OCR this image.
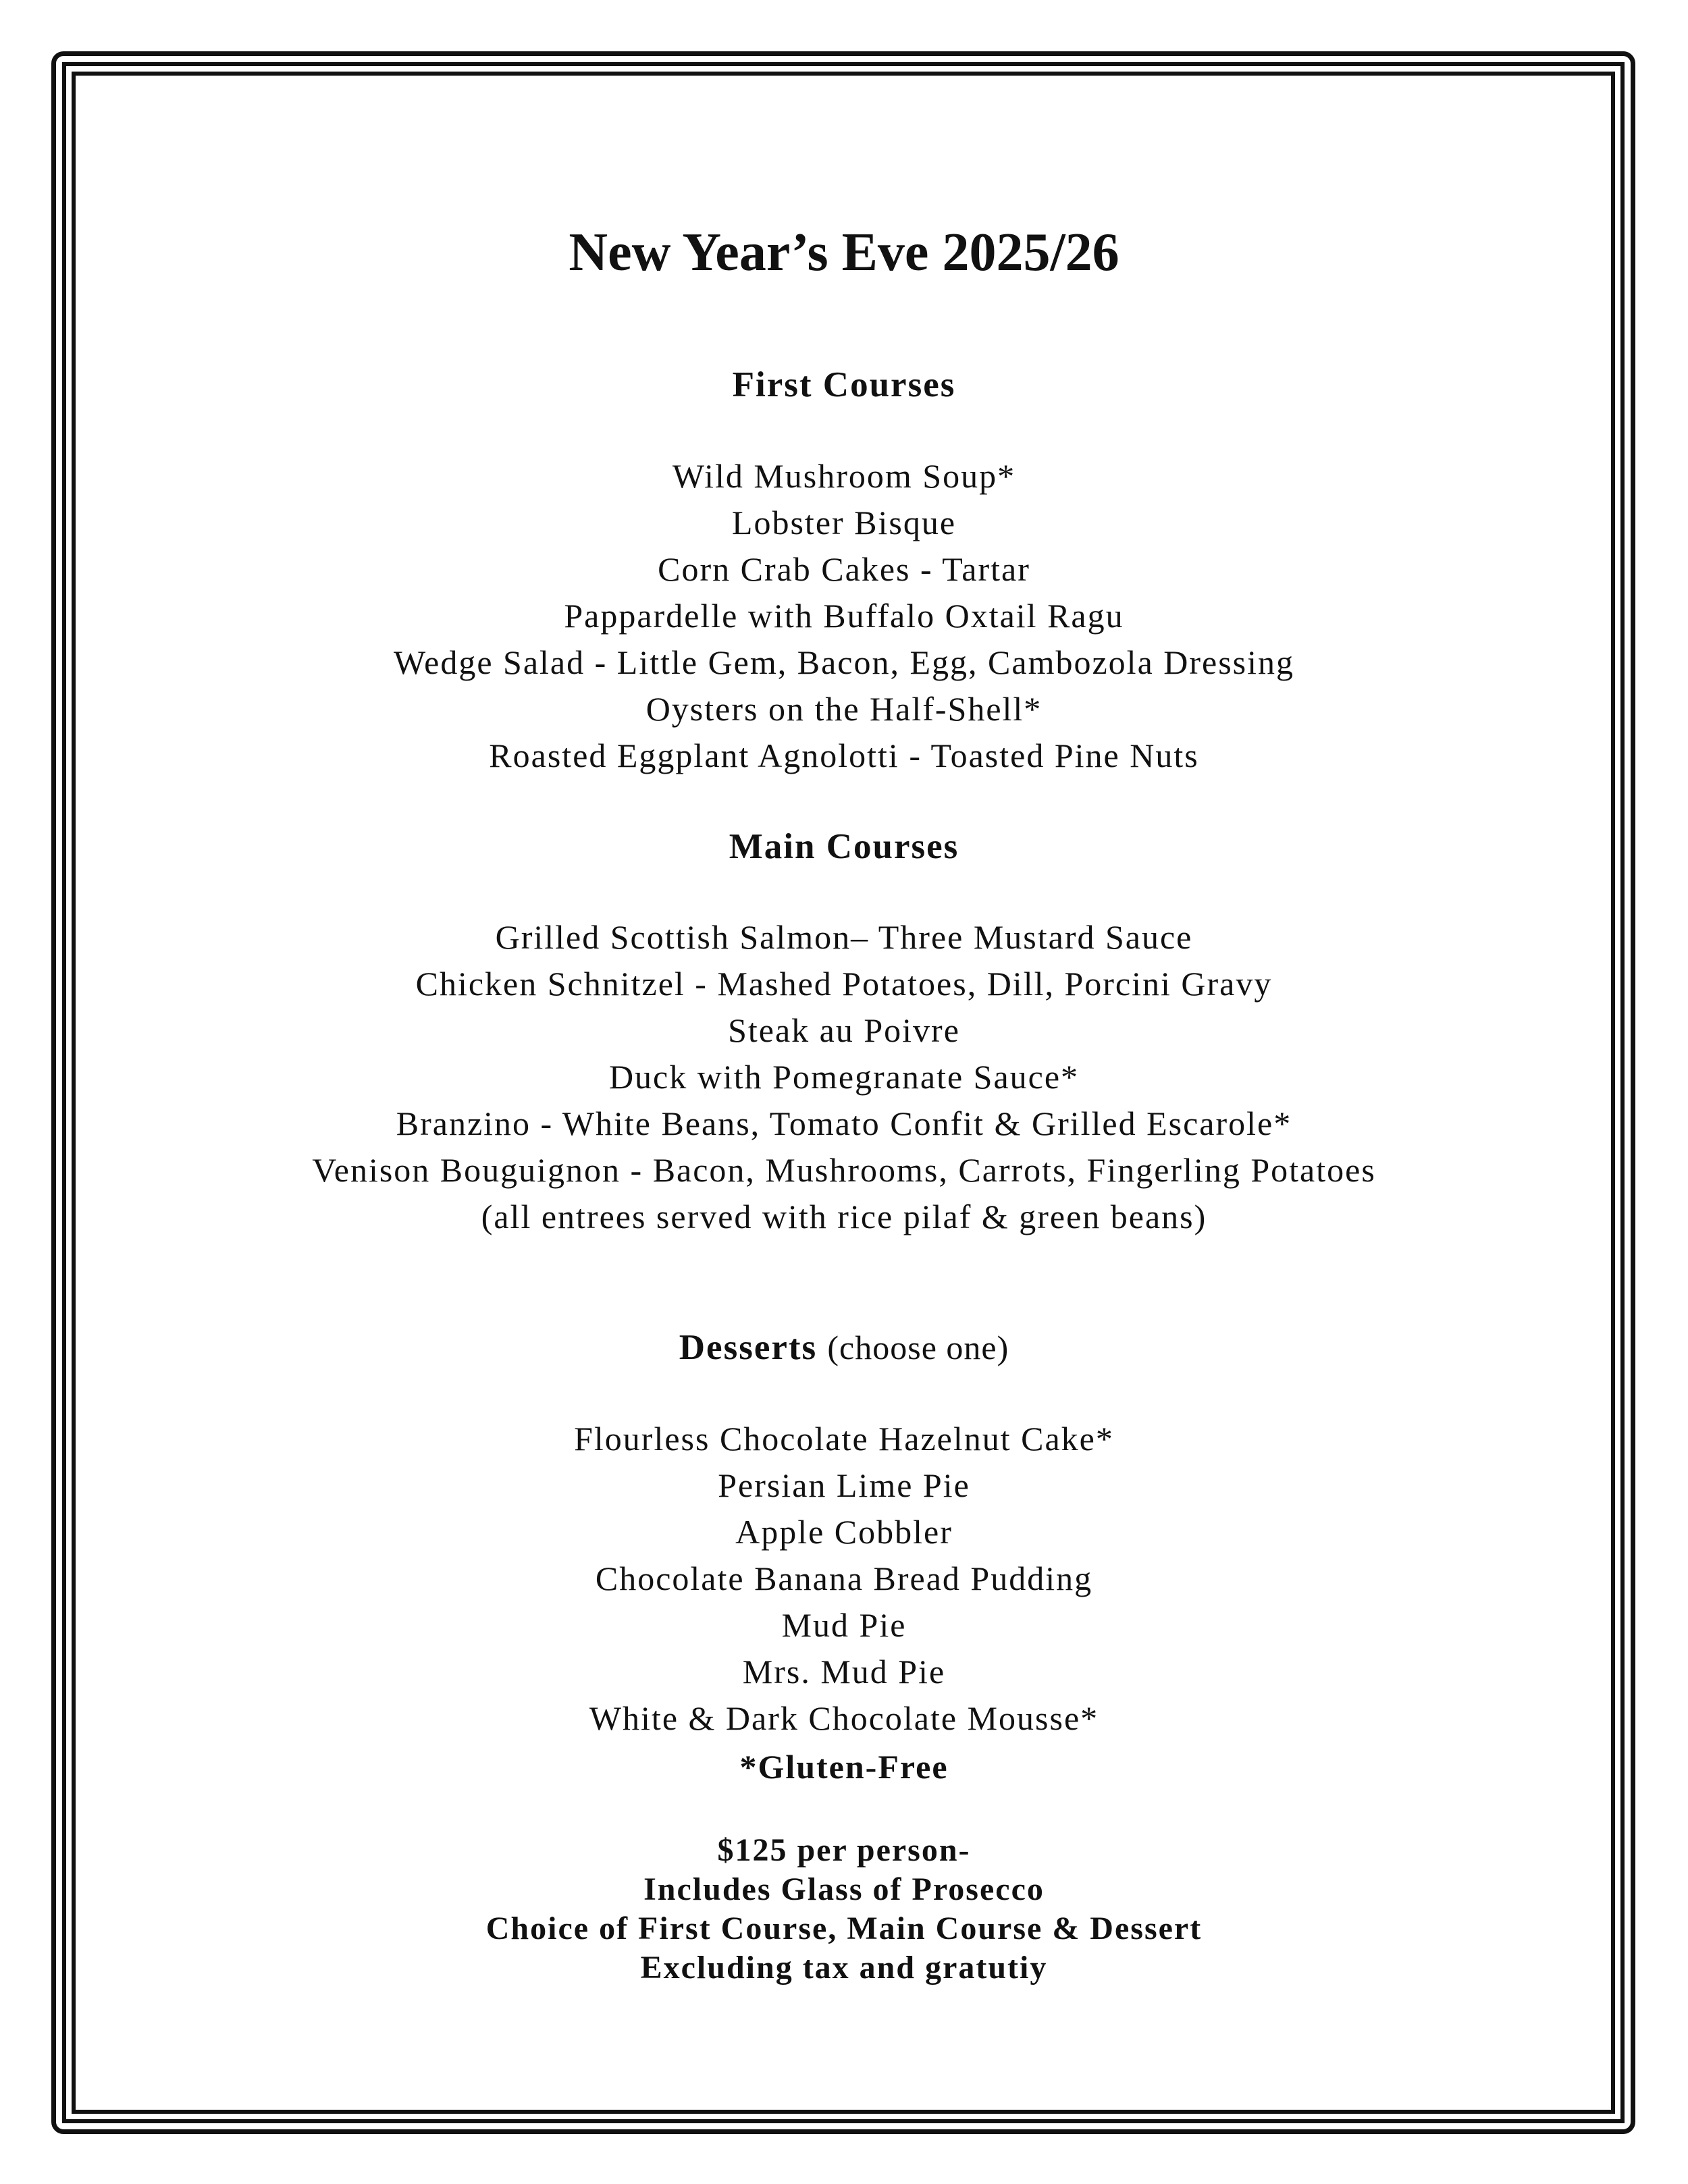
New Year’s Eve 2025/26
First Courses
Wild Mushroom Soup*
Lobster Bisque
Corn Crab Cakes - Tartar
Pappardelle with Buffalo Oxtail Ragu
Wedge Salad - Little Gem, Bacon, Egg, Cambozola Dressing
Oysters on the Half-Shell*
Roasted Eggplant Agnolotti - Toasted Pine Nuts
Main Courses
Grilled Scottish Salmon– Three Mustard Sauce
Chicken Schnitzel - Mashed Potatoes, Dill, Porcini Gravy
Steak au Poivre
Duck with Pomegranate Sauce*
Branzino - White Beans, Tomato Confit & Grilled Escarole*
Venison Bouguignon - Bacon, Mushrooms, Carrots, Fingerling Potatoes
(all entrees served with rice pilaf & green beans)
Desserts (choose one)
Flourless Chocolate Hazelnut Cake*
Persian Lime Pie
Apple Cobbler
Chocolate Banana Bread Pudding
Mud Pie
Mrs. Mud Pie
White & Dark Chocolate Mousse*
*Gluten-Free
$125 per person-
Includes Glass of Prosecco
Choice of First Course, Main Course & Dessert
Excluding tax and gratutiy
